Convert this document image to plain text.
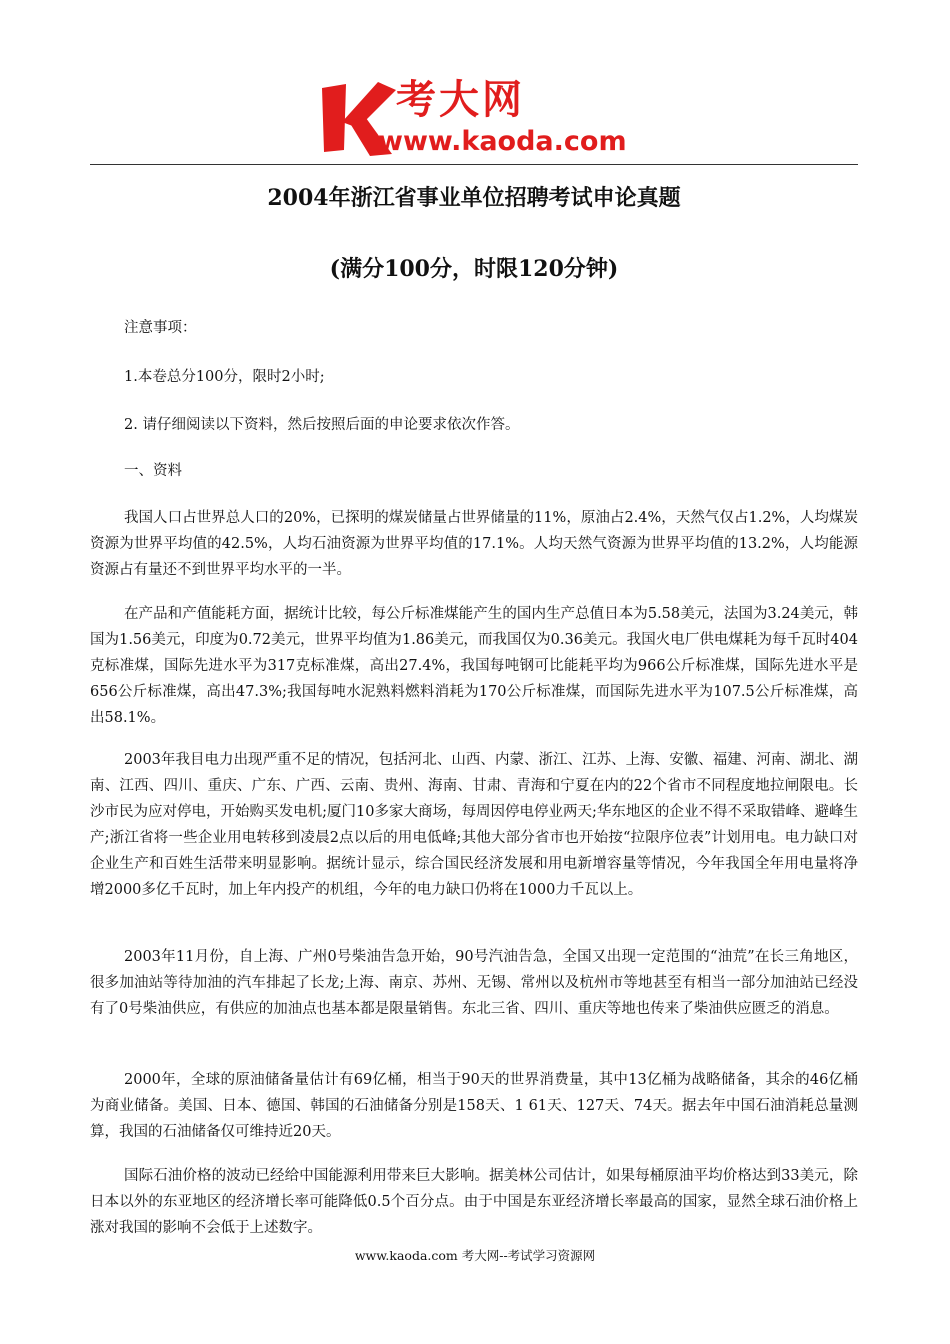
考大网
www.kaoda.com
2004年浙江省事业单位招聘考试申论真题
(满分100分，时限120分钟)
注意事项：
1.本卷总分100分，限时2小时;
2. 请仔细阅读以下资料，然后按照后面的申论要求依次作答。
一、资料
我国人口占世界总人口的20%，已探明的煤炭储量占世界储量的11%，原油占2.4%，天然气仅占1.2%，人均煤炭资源为世界平均值的42.5%，人均石油资源为世界平均值的17.1%。人均天然气资源为世界平均值的13.2%，人均能源资源占有量还不到世界平均水平的一半。
在产品和产值能耗方面，据统计比较，每公斤标准煤能产生的国内生产总值日本为5.58美元，法国为3.24美元，韩国为1.56美元，印度为0.72美元，世界平均值为1.86美元，而我国仅为0.36美元。我国火电厂供电煤耗为每千瓦时404克标准煤，国际先进水平为317克标准煤，高出27.4%，我国每吨钢可比能耗平均为966公斤标准煤，国际先进水平是656公斤标准煤，高出47.3%;我国每吨水泥熟料燃料消耗为170公斤标准煤，而国际先进水平为107.5公斤标准煤，高出58.1%。
2003年我目电力出现严重不足的情况，包括河北、山西、内蒙、浙江、江苏、上海、安徽、福建、河南、湖北、湖南、江西、四川、重庆、广东、广西、云南、贵州、海南、甘肃、青海和宁夏在内的22个省市不同程度地拉闸限电。长沙市民为应对停电，开始购买发电机;厦门10多家大商场，每周因停电停业两天;华东地区的企业不得不采取错峰、避峰生产;浙江省将一些企业用电转移到凌晨2点以后的用电低峰;其他大部分省市也开始按“拉限序位表”计划用电。电力缺口对企业生产和百姓生活带来明显影响。据统计显示，综合国民经济发展和用电新增容量等情况，今年我国全年用电量将净增2000多亿千瓦时，加上年内投产的机组，今年的电力缺口仍将在1000力千瓦以上。
2003年11月份，自上海、广州0号柴油告急开始，90号汽油告急，全国又出现一定范围的“油荒”在长三角地区，很多加油站等待加油的汽车排起了长龙;上海、南京、苏州、无锡、常州以及杭州市等地甚至有相当一部分加油站已经没有了0号柴油供应，有供应的加油点也基本都是限量销售。东北三省、四川、重庆等地也传来了柴油供应匮乏的消息。
2000年，全球的原油储备量估计有69亿桶，相当于90天的世界消费量，其中13亿桶为战略储备，其余的46亿桶为商业储备。美国、日本、德国、韩国的石油储备分别是158天、1 61天、127天、74天。据去年中国石油消耗总量测算，我国的石油储备仅可维持近20天。
国际石油价格的波动已经给中国能源利用带来巨大影响。据美林公司估计，如果每桶原油平均价格达到33美元，除日本以外的东亚地区的经济增长率可能降低0.5个百分点。由于中国是东亚经济增长率最高的国家，显然全球石油价格上涨对我国的影响不会低于上述数字。
www.kaoda.com 考大网--考试学习资源网
